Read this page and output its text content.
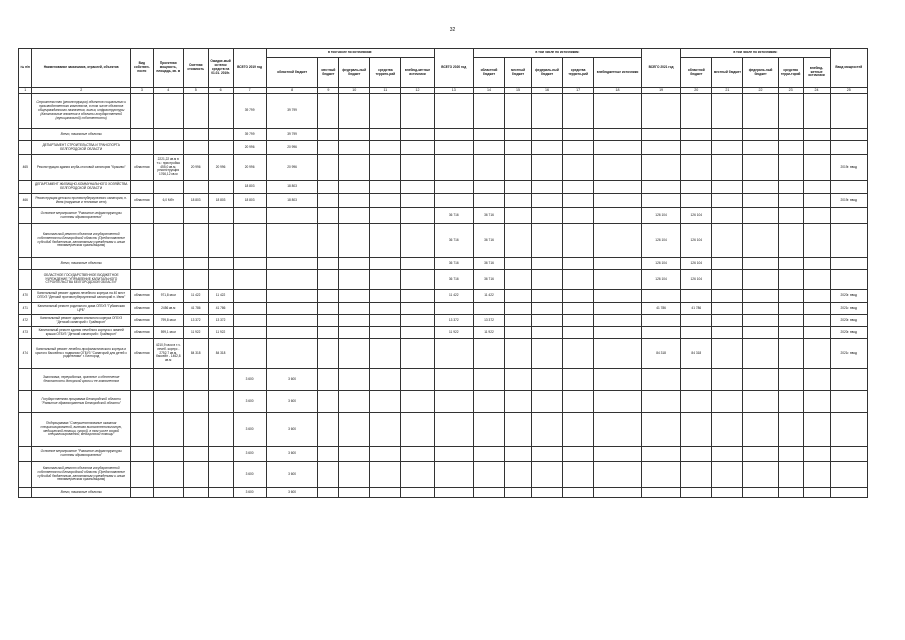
32
№ п/п	Наименование заказчиков, отраслей, объектов	Вид собствен-ности	Проектная мощность, площадь, кв. м	Сметная стоимость	Ожидае-мый остаток средств на 01.01. 2019г.	ВСЕГО 2019 год	в том числе по источникам:					ВСЕГО 2020 год	в том числе по источникам:					ВСЕГО 2021 год	в том числе по источникам:					Ввод мощностей
							областной бюджет	местный бюджет	федераль-ный бюджет	средства террито-рий	внебюд-жетные источники		областной бюджет	местный бюджет	федераль-ный бюджет	средства террито-рий	внебюджетные источники		областной бюджет	местный бюджет	федераль-ный бюджет	средства терри-торий	внебюд-жетные источники	
1	2	3	4	5	6	7	8	9	10	11	12	13	14	15	16	17	18	19	20	21	22	23	24	25
	Строительство (реконструкция) объектов социального и производственного комплексов, в том числе объектов общегражданского назначения, жилья, инфраструктуры (Капитальные вложения в объекты государственной (муниципальной) собственности)					39 799	39 799																	
	Всего, начальные объекты					39 799	39 799																	
	ДЕПАРТАМЕНТ СТРОИТЕЛЬСТВА И ТРАНСПОРТА БЕЛГОРОДСКОЙ ОБЛАСТИ					20 996	20 996																	
465	Реконструкция здания клуба-столовой санатория "Красиво"	областная	2221,22 кв.м в т.ч.: пристройка 455,0 кв.м, реконструкция 1766,12 кв.м	20 996	20 996	20 996	20 996																	2019г. ввод
	ДЕПАРТАМЕНТ ЖИЛИЩНО-КОММУНАЛЬНОГО ХОЗЯЙСТВА БЕЛГОРОДСКОЙ ОБЛАСТИ					18 803	18 803																	
466	Реконструкция детского противотуберкулезного санатория, п. Ивня (наружные и тепловые сети)	областная	6,0 Мбт	18 803	18 803	18 803	18 803																	2019г. ввод
	Основное мероприятие "Развитие инфраструктуры системы здравоохранения"											36 716	36 716					126 104	126 104					
	Капитальный ремонт объектов государственной собственности Белгородской области (Предоставление субсидий бюджетным, автономным учреждениям и иным некоммерческим организациям)											36 716	36 716					126 104	126 104					
	Всего, начальные объекты											36 716	36 716					126 104	126 104					
	ОБЛАСТНОЕ ГОСУДАРСТВЕННОЕ БЮДЖЕТНОЕ УЧРЕЖДЕНИЕ "УПРАВЛЕНИЕ КАПИТАЛЬНОГО СТРОИТЕЛЬСТВА БЕЛГОРОДСКОЙ ОБЛАСТИ"											36 716	36 716					126 104	126 104					
470	Капитальный ремонт здания лечебного корпуса на 40 мест ОГБУЗ "Детский противотуберкулезный санаторий п. Ивня"	областная	971,8 кв.м	11 422	11 422							11 422	11 422											2020г. ввод
471	Капитальный ремонт родильного дома ОГБУЗ "Губкинская ЦРБ"	областная	2456 кв.м	41 786	41 786													41 786	41 786					2021г. ввод
472	Капитальный ремонт здания спального корпуса ОГБУЗ "Детский санаторий г. Грайворон"	областная	799,8 кв.м	13 372	13 372							13 372	13 372											2020г. ввод
473	Капитальный ремонт здания лечебного корпуса с зимней крыши ОГБУЗ "Детский санаторий г. Грайворон"	областная	599,1 кв.м	11 922	11 922							11 922	11 922											2020г. ввод
474	Капитальный ремонт лечебно-профилактического корпуса и крытого бассейна с подвалом ОГБУЗ "Санаторий для детей с родителями" г. Белгород	областная	4210,9 кв.м в т.ч. лечеб. корпус - 2752,7 кв.м, бассейн - 1462,8 кв.м	84 318	84 318													84 318	84 318					2021г. ввод
	Заготовка, переработка, хранение и обеспечение безопасности донорской крови и ее компонентов					3 600	3 600																	
	Государственная программа Белгородской области "Развитие здравоохранения Белгородской области"					3 600	3 600																	
	Подпрограмма "Совершенствование оказания специализированной, включая высокотехнологичную, медицинской помощи, скорой, в том числе скорой специализированной, медицинской помощи"					3 600	3 600																	
	Основное мероприятие "Развитие инфраструктуры системы здравоохранения"					3 600	3 600																	
	Капитальный ремонт объектов государственной собственности Белгородской области (Предоставление субсидий бюджетным, автономным учреждениям и иным некоммерческим организациям)					3 600	3 600																	
	Всего, начальные объекты					3 600	3 600																	
